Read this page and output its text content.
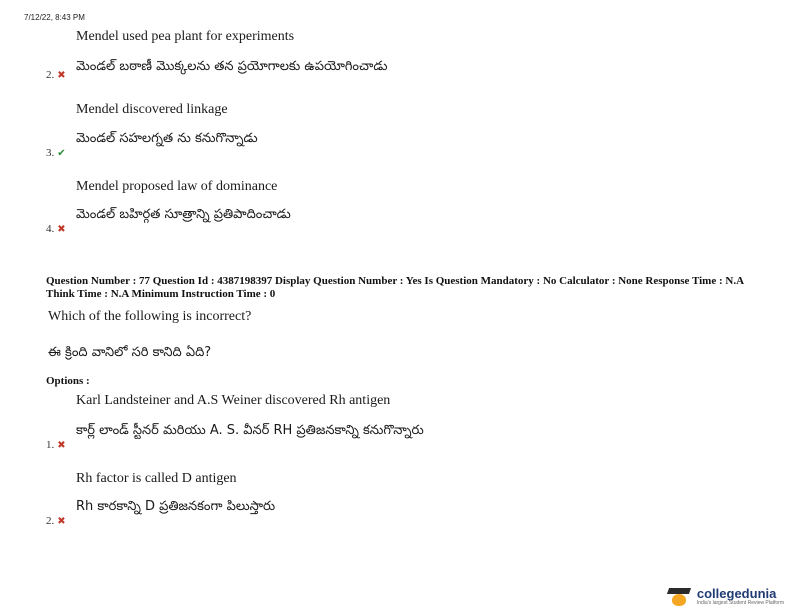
7/12/22, 8:43 PM
Mendel used pea plant for experiments
మెండల్ బఠాణీ మొక్కలను తన ప్రయోగాలకు ఉపయోగించాడు
2. ✖
Mendel discovered linkage
మెండల్ సహలగ్నత ను కనుగొన్నాడు
3. ✔
Mendel proposed law of dominance
మెండల్ బహిర్గత సూత్రాన్ని ప్రతిపాదించాడు
4. ✖
Question Number : 77 Question Id : 4387198397 Display Question Number : Yes Is Question Mandatory : No Calculator : None Response Time : N.A Think Time : N.A Minimum Instruction Time : 0
Which of the following is incorrect?
ఈ క్రింది వానిలో సరి కానిది ఏది?
Options :
Karl Landsteiner and A.S Weiner discovered Rh antigen
కార్ల్ లాండ్ స్టీనర్ మరియు A. S. వీనర్ RH ప్రతిజనకాన్ని కనుగొన్నారు
1. ✖
Rh factor is called D antigen
Rh కారకాన్ని D ప్రతిజనకంగా పిలుస్తారు
2. ✖
collegedunia
India's largest Student Review Platform
